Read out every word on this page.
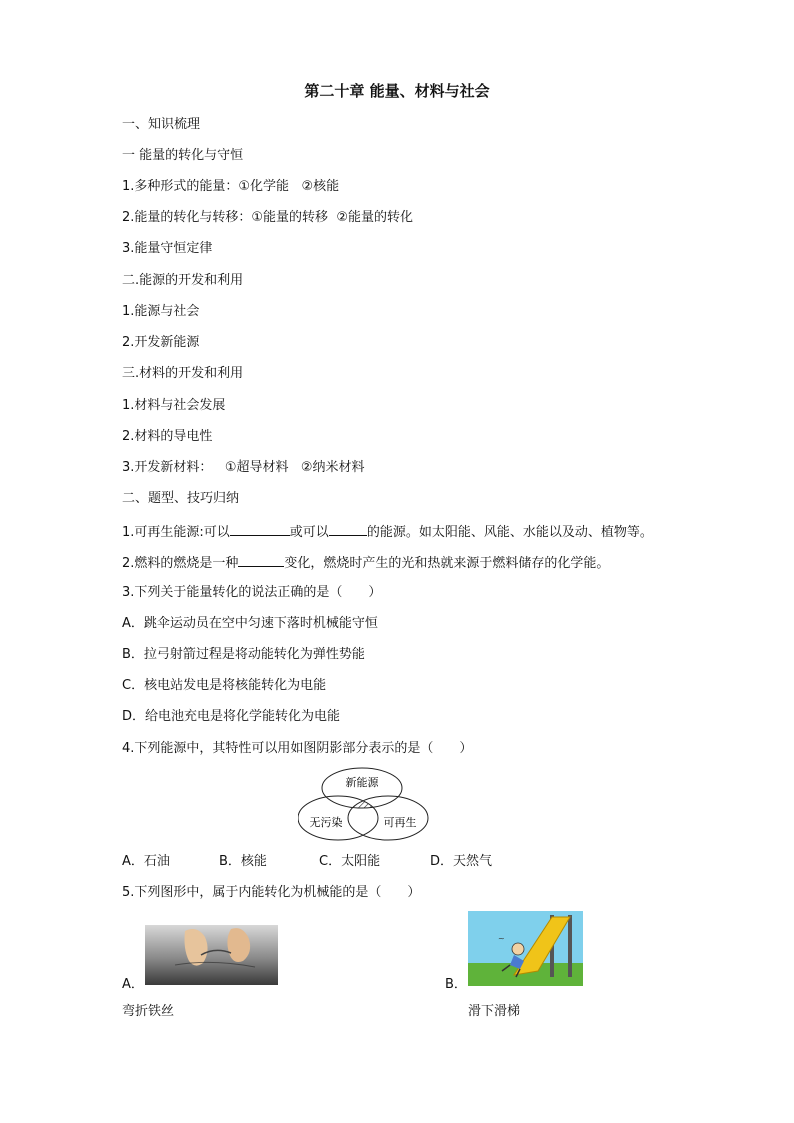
第二十章 能量、材料与社会
一、知识梳理
一 能量的转化与守恒
1.多种形式的能量：①化学能 ②核能
2.能量的转化与转移：①能量的转移 ②能量的转化
3.能量守恒定律
二.能源的开发和利用
1.能源与社会
2.开发新能源
三.材料的开发和利用
1.材料与社会发展
2.材料的导电性
3.开发新材料： ①超导材料 ②纳米材料
二、题型、技巧归纳
1.可再生能源:可以	或可以	的能源。如太阳能、风能、水能以及动、植物等。
2.燃料的燃烧是一种	变化，燃烧时产生的光和热就来源于燃料储存的化学能。
3.下列关于能量转化的说法正确的是（　　）
A．跳伞运动员在空中匀速下落时机械能守恒
B．拉弓射箭过程是将动能转化为弹性势能
C．核电站发电是将核能转化为电能
D．给电池充电是将化学能转化为电能
4.下列能源中，其特性可以用如图阴影部分表示的是（　　）
新能源
无污染	可再生
A．石油	B．核能	C．太阳能	D．天然气
5.下列图形中，属于内能转化为机械能的是（　　）
A．
弯折铁丝
~
B．
滑下滑梯
